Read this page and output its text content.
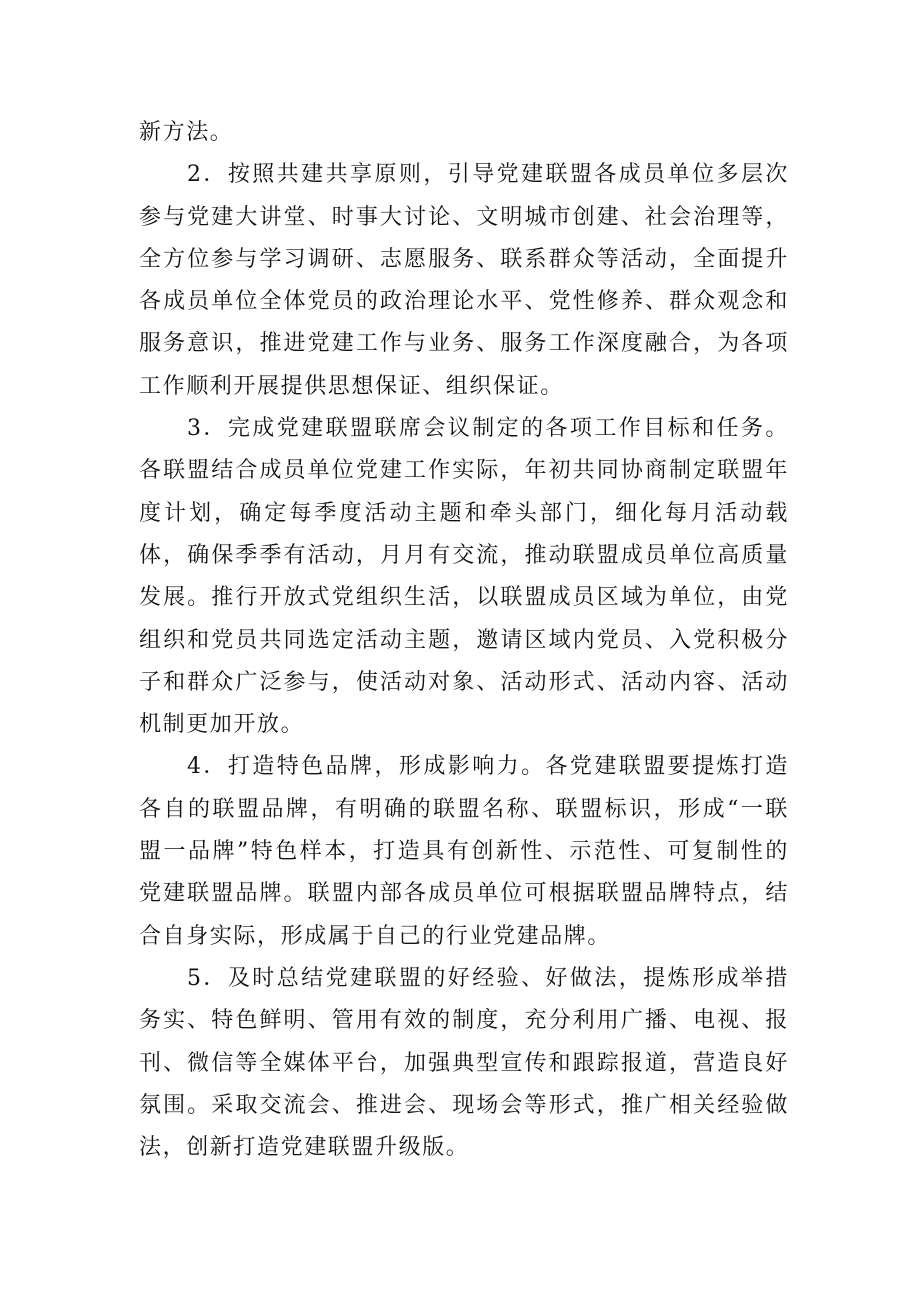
新方法。

2．按照共建共享原则，引导党建联盟各成员单位多层次参与党建大讲堂、时事大讨论、文明城市创建、社会治理等，全方位参与学习调研、志愿服务、联系群众等活动，全面提升各成员单位全体党员的政治理论水平、党性修养、群众观念和服务意识，推进党建工作与业务、服务工作深度融合，为各项工作顺利开展提供思想保证、组织保证。

3．完成党建联盟联席会议制定的各项工作目标和任务。各联盟结合成员单位党建工作实际，年初共同协商制定联盟年度计划，确定每季度活动主题和牵头部门，细化每月活动载体，确保季季有活动，月月有交流，推动联盟成员单位高质量发展。推行开放式党组织生活，以联盟成员区域为单位，由党组织和党员共同选定活动主题，邀请区域内党员、入党积极分子和群众广泛参与，使活动对象、活动形式、活动内容、活动机制更加开放。

4．打造特色品牌，形成影响力。各党建联盟要提炼打造各自的联盟品牌，有明确的联盟名称、联盟标识，形成“一联盟一品牌”特色样本，打造具有创新性、示范性、可复制性的党建联盟品牌。联盟内部各成员单位可根据联盟品牌特点，结合自身实际，形成属于自己的行业党建品牌。

5．及时总结党建联盟的好经验、好做法，提炼形成举措务实、特色鲜明、管用有效的制度，充分利用广播、电视、报刊、微信等全媒体平台，加强典型宣传和跟踪报道，营造良好氛围。采取交流会、推进会、现场会等形式，推广相关经验做法，创新打造党建联盟升级版。
